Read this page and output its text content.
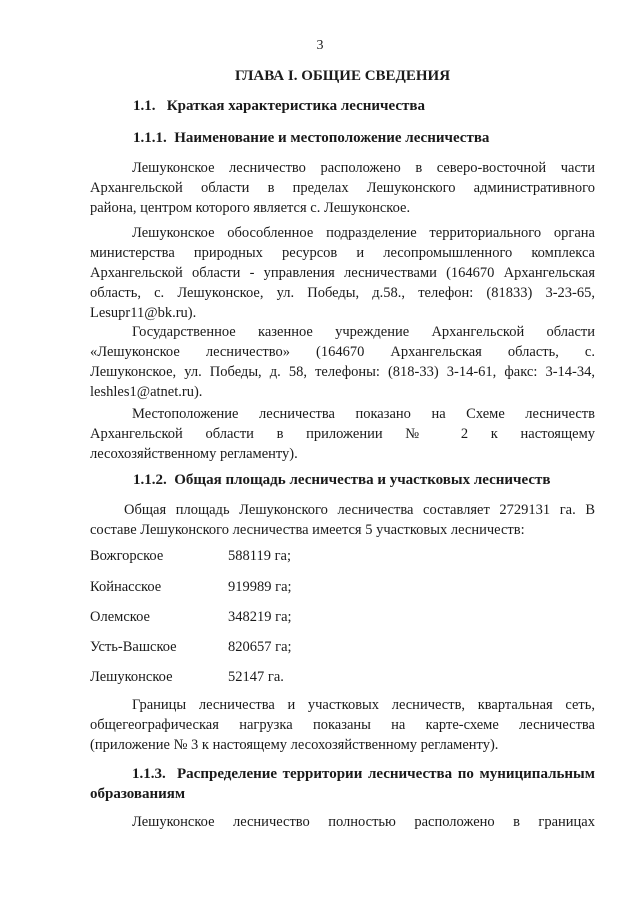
3
ГЛАВА I. ОБЩИЕ СВЕДЕНИЯ
1.1.   Краткая характеристика лесничества
1.1.1.  Наименование и местоположение лесничества
Лешуконское лесничество расположено в северо-восточной части
Архангельской области в пределах Лешуконского административного
района, центром которого является с. Лешуконское.
Лешуконское обособленное подразделение территориального органа
министерства природных ресурсов и лесопромышленного комплекса
Архангельской области - управления лесничествами (164670 Архангельская
область, с. Лешуконское, ул. Победы, д.58., телефон: (81833) 3-23-65,
Lesupr11@bk.ru).
Государственное казенное учреждение Архангельской области
«Лешуконское лесничество» (164670 Архангельская область, с.
Лешуконское, ул. Победы, д. 58, телефоны: (818-33) 3-14-61, факс: 3-14-34,
leshles1@atnet.ru).
Местоположение лесничества показано на Схеме лесничеств
Архангельской области в приложении № 2 к настоящему
лесохозяйственному регламенту).
1.1.2.  Общая площадь лесничества и участковых лесничеств
Общая площадь Лешуконского лесничества составляет 2729131 га. В
составе Лешуконского лесничества имеется 5 участковых лесничеств:
Вожгорское	588119 га;
Койнасское	919989 га;
Олемское	348219 га;
Усть-Вашское	820657 га;
Лешуконское	52147 га.
Границы лесничества и участковых лесничеств, квартальная сеть,
общегеографическая нагрузка показаны на карте-схеме лесничества
(приложение № 3 к настоящему лесохозяйственному регламенту).
1.1.3.  Распределение территории лесничества по муниципальным
образованиям
Лешуконское лесничество полностью расположено в границах
